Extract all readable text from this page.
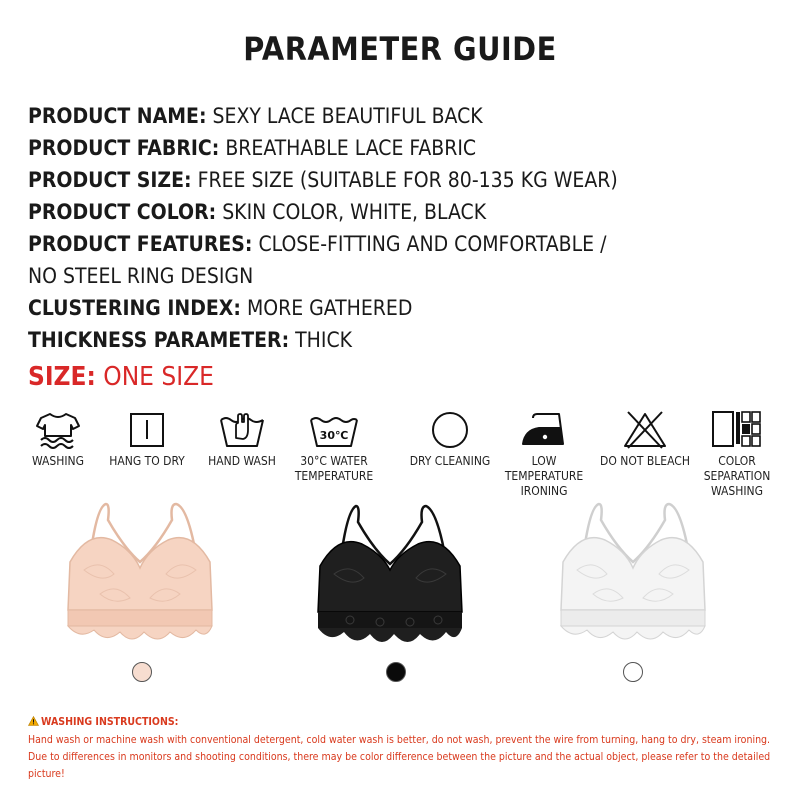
PARAMETER GUIDE
PRODUCT NAME: SEXY LACE BEAUTIFUL BACK
PRODUCT FABRIC: BREATHABLE LACE FABRIC
PRODUCT SIZE: FREE SIZE (SUITABLE FOR 80-135 KG WEAR)
PRODUCT COLOR: SKIN COLOR, WHITE, BLACK
PRODUCT FEATURES: CLOSE-FITTING AND COMFORTABLE /
NO STEEL RING DESIGN
CLUSTERING INDEX: MORE GATHERED
THICKNESS PARAMETER: THICK
SIZE: ONE SIZE
WASHING	HANG TO DRY	HAND WASH
30℃
30°C WATER TEMPERATURE
DRY CLEANING	LOW TEMPERATURE IRONING
DO NOT BLEACH	COLOR SEPARATION WASHING
WASHING INSTRUCTIONS:
Hand wash or machine wash with conventional detergent, cold water wash is better, do not wash, prevent the wire from turning, hang to dry, steam ironing. Due to differences in monitors and shooting conditions, there may be color difference between the picture and the actual object, please refer to the detailed picture!
